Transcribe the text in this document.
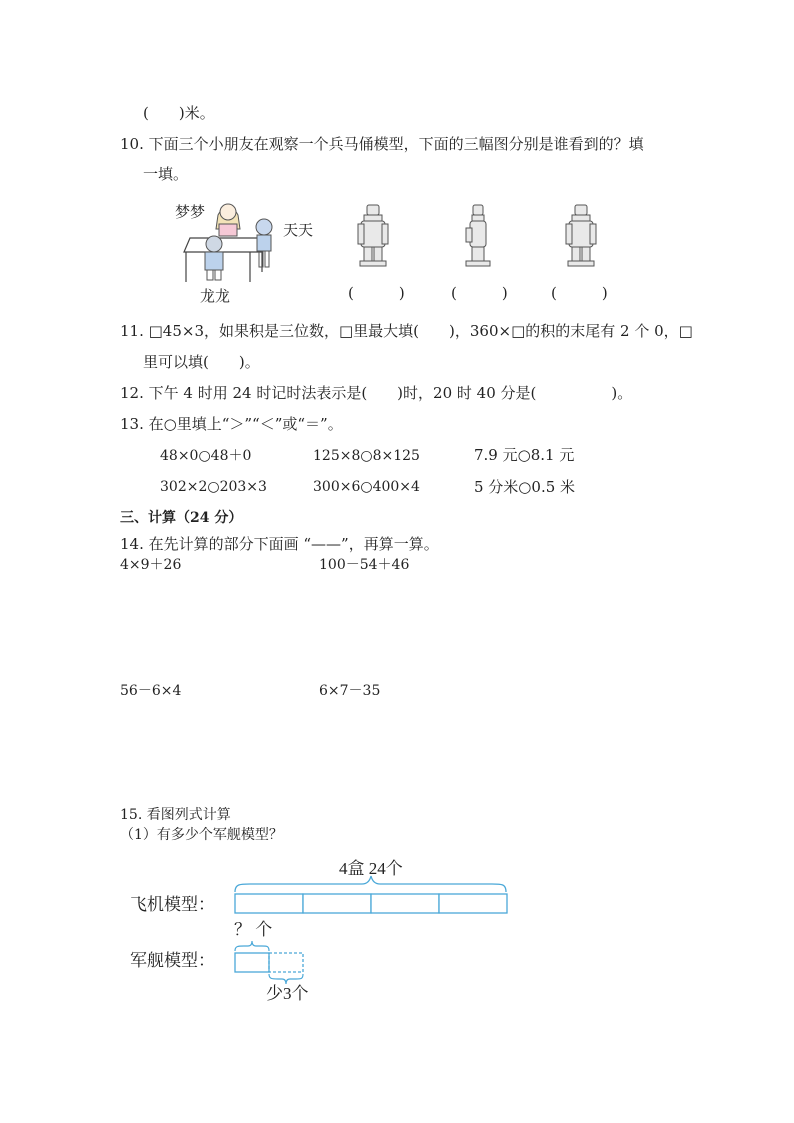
(　　)米。
10. 下面三个小朋友在观察一个兵马俑模型，下面的三幅图分别是谁看到的？填
一填。
梦梦
天天
龙龙	(　　　)	(　　　)	(　　　)
11. □45×3，如果积是三位数，□里最大填(　　)，360×□的积的末尾有 2 个 0，□
里可以填(　　)。
12. 下午 4 时用 24 时记时法表示是(　　)时，20 时 40 分是(　　　　　)。
13. 在○里填上“＞”“＜”或“＝”。
48×0○48＋0	125×8○8×125	7.9 元○8.1 元
302×2○203×3	300×6○400×4	5 分米○0.5 米
三、计算（24 分）
14. 在先计算的部分下面画 “——”，再算一算。
4×9＋26	100－54＋46
56－6×4	6×7－35
15. 看图列式计算
（1）有多少个军舰模型？
4盒 24个
飞机模型：
？ 个
军舰模型：
少3个
